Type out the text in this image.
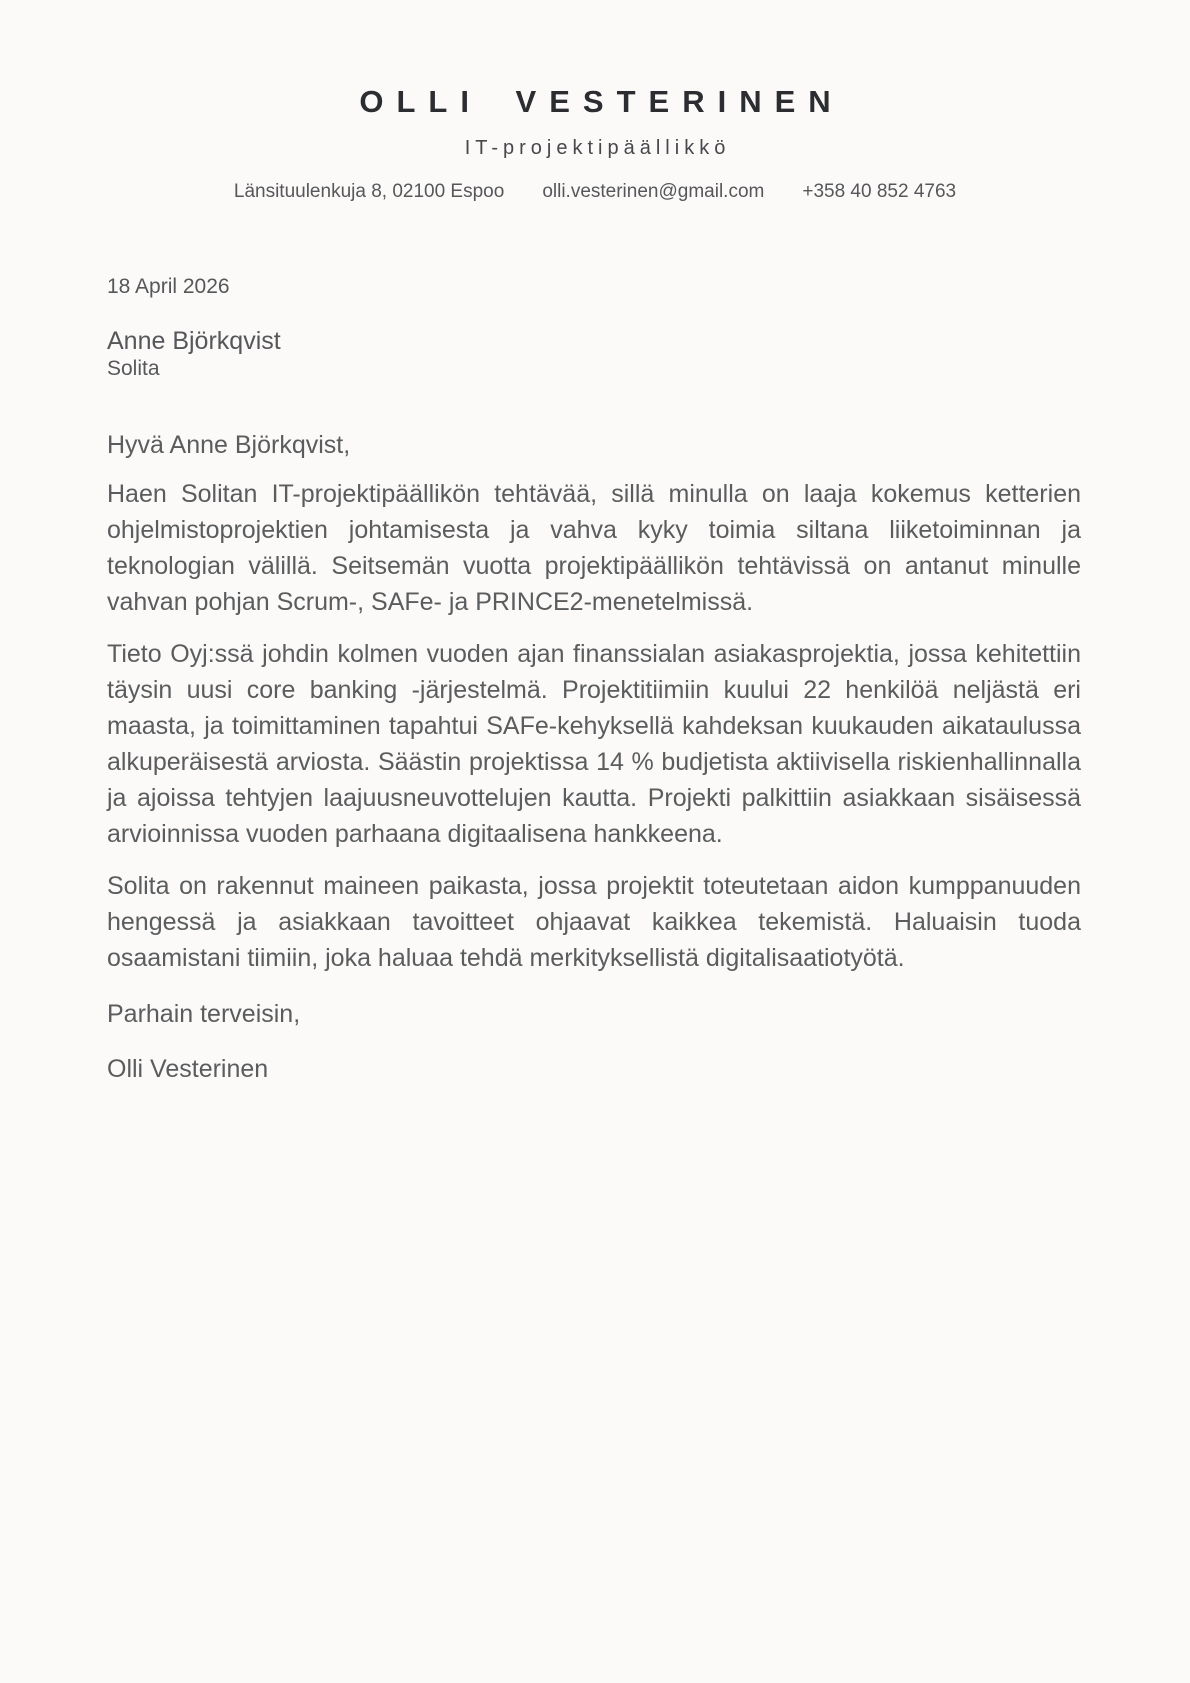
OLLI VESTERINEN
IT-projektipäällikkö
Länsituulenkuja 8, 02100 Espoo olli.vesterinen@gmail.com +358 40 852 4763
18 April 2026
Anne Björkqvist
Solita
Hyvä Anne Björkqvist,

Haen Solitan IT-projektipäällikön tehtävää, sillä minulla on laaja kokemus ketterien ohjelmistoprojektien johtamisesta ja vahva kyky toimia siltana liiketoiminnan ja teknologian välillä. Seitsemän vuotta projektipäällikön tehtävissä on antanut minulle vahvan pohjan Scrum-, SAFe- ja PRINCE2-menetelmissä.

Tieto Oyj:ssä johdin kolmen vuoden ajan finanssialan asiakasprojektia, jossa kehitettiin täysin uusi core banking -järjestelmä. Projektitiimiin kuului 22 henkilöä neljästä eri maasta, ja toimittaminen tapahtui SAFe-kehyksellä kahdeksan kuukauden aikataulussa alkuperäisestä arviosta. Säästin projektissa 14 % budjetista aktiivisella riskienhallinnalla ja ajoissa tehtyjen laajuusneuvottelujen kautta. Projekti palkittiin asiakkaan sisäisessä arvioinnissa vuoden parhaana digitaalisena hankkeena.

Solita on rakennut maineen paikasta, jossa projektit toteutetaan aidon kumppanuuden hengessä ja asiakkaan tavoitteet ohjaavat kaikkea tekemistä. Haluaisin tuoda osaamistani tiimiin, joka haluaa tehdä merkityksellistä digitalisaatiotyötä.

Parhain terveisin,
Olli Vesterinen
